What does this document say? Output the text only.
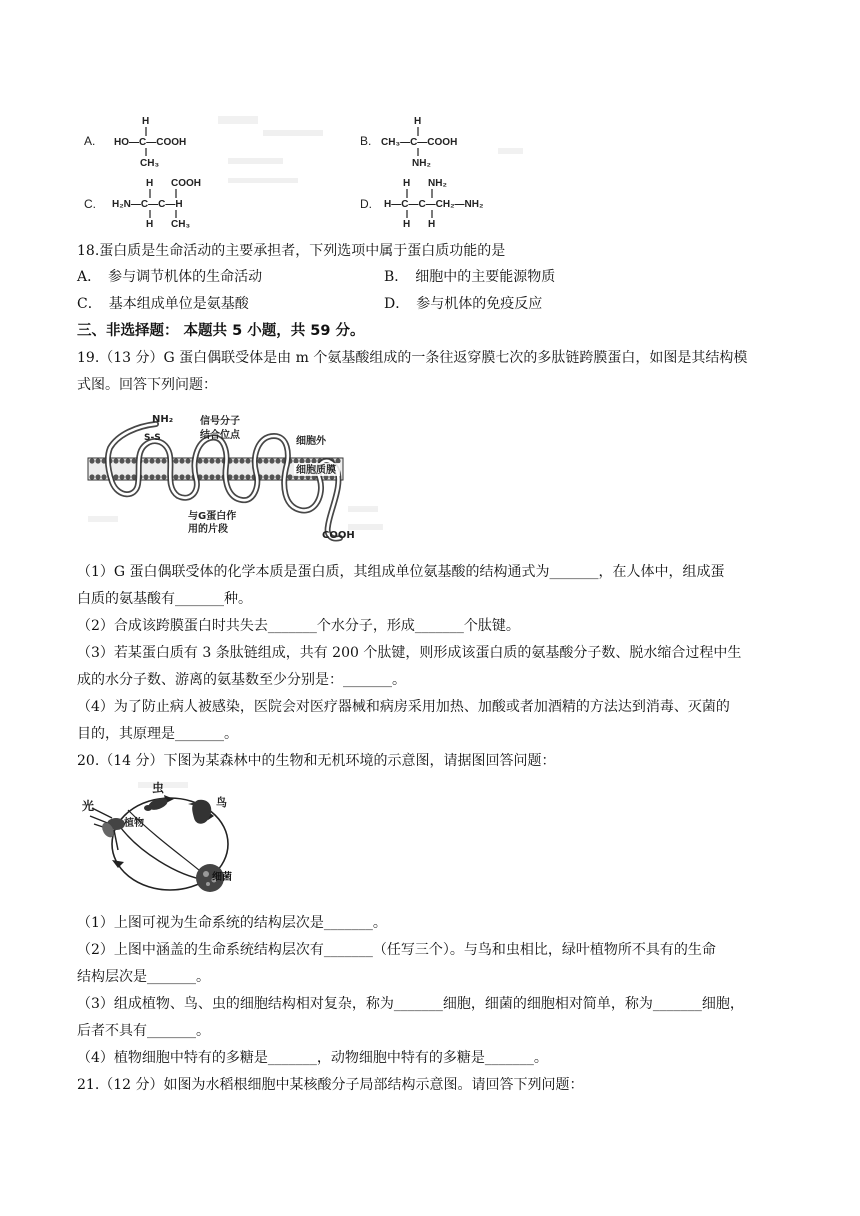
A.
H
HO—C—COOH
CH₃
B.
H
CH₃—C—COOH
NH₂
C.
H COOH
H₂N—C—C—H
H CH₃
D.
H NH₂
H—C—C—CH₂—NH₂
H H
18.蛋白质是生命活动的主要承担者，下列选项中属于蛋白质功能的是
A．　参与调节机体的生命活动	B．　细胞中的主要能源物质
C．　基本组成单位是氨基酸	D．　参与机体的免疫反应
三、非选择题： 本题共 5 小题，共 59 分。
19.（13 分）G 蛋白偶联受体是由 m 个氨基酸组成的一条往返穿膜七次的多肽链跨膜蛋白，如图是其结构模
式图。回答下列问题：
NH₂
S-S
信号分子
结合位点
细胞外
细胞质膜
与G蛋白作
用的片段
COOH
（1）G 蛋白偶联受体的化学本质是蛋白质，其组成单位氨基酸的结构通式为_______，在人体中，组成蛋
白质的氨基酸有_______种。
（2）合成该跨膜蛋白时共失去_______个水分子，形成_______个肽键。
（3）若某蛋白质有 3 条肽链组成，共有 200 个肽键，则形成该蛋白质的氨基酸分子数、脱水缩合过程中生
成的水分子数、游离的氨基数至少分别是：_______。
（4）为了防止病人被感染，医院会对医疗器械和病房采用加热、加酸或者加酒精的方法达到消毒、灭菌的
目的，其原理是_______。
20.（14 分）下图为某森林中的生物和无机环境的示意图，请据图回答问题：
光
植物
虫
鸟
细菌
（1）上图可视为生命系统的结构层次是_______。
（2）上图中涵盖的生命系统结构层次有_______（任写三个）。与鸟和虫相比，绿叶植物所不具有的生命
结构层次是_______。
（3）组成植物、鸟、虫的细胞结构相对复杂，称为_______细胞，细菌的细胞相对简单，称为_______细胞，
后者不具有_______。
（4）植物细胞中特有的多糖是_______，动物细胞中特有的多糖是_______。
21.（12 分）如图为水稻根细胞中某核酸分子局部结构示意图。请回答下列问题：
